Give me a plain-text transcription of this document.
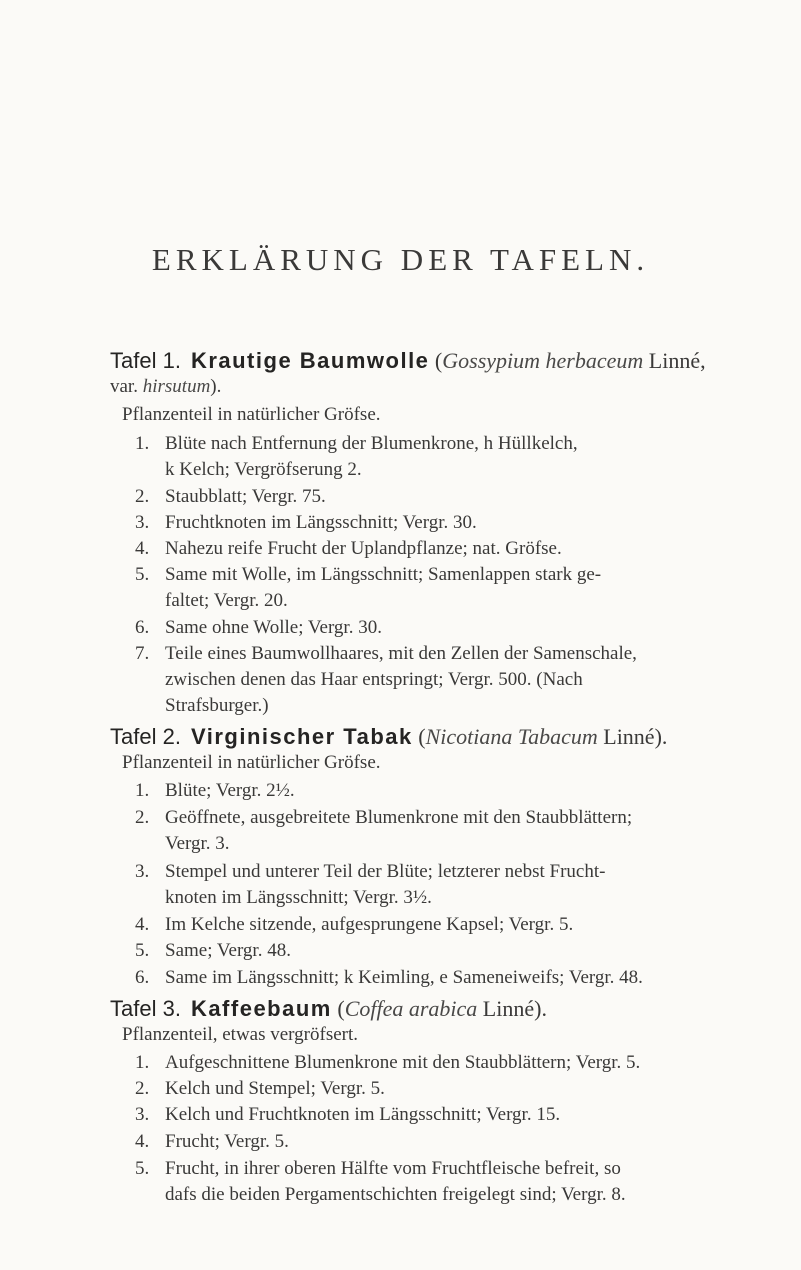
ERKLÄRUNG DER TAFELN.
Tafel 1. Krautige Baumwolle (Gossypium herbaceum Linné,
var. hirsutum).
Pflanzenteil in natürlicher Gröfse.
1. Blüte nach Entfernung der Blumenkrone, h Hüllkelch,
k Kelch; Vergröfserung 2.
2. Staubblatt; Vergr. 75.
3. Fruchtknoten im Längsschnitt; Vergr. 30.
4. Nahezu reife Frucht der Uplandpflanze; nat. Gröfse.
5. Same mit Wolle, im Längsschnitt; Samenlappen stark ge-
faltet; Vergr. 20.
6. Same ohne Wolle; Vergr. 30.
7. Teile eines Baumwollhaares, mit den Zellen der Samenschale,
zwischen denen das Haar entspringt; Vergr. 500. (Nach
Strafsburger.)
Tafel 2. Virginischer Tabak (Nicotiana Tabacum Linné).
Pflanzenteil in natürlicher Gröfse.
1. Blüte; Vergr. 2½.
2. Geöffnete, ausgebreitete Blumenkrone mit den Staubblättern;
Vergr. 3.
3. Stempel und unterer Teil der Blüte; letzterer nebst Frucht-
knoten im Längsschnitt; Vergr. 3½.
4. Im Kelche sitzende, aufgesprungene Kapsel; Vergr. 5.
5. Same; Vergr. 48.
6. Same im Längsschnitt; k Keimling, e Sameneiweifs; Vergr. 48.
Tafel 3. Kaffeebaum (Coffea arabica Linné).
Pflanzenteil, etwas vergröfsert.
1. Aufgeschnittene Blumenkrone mit den Staubblättern; Vergr. 5.
2. Kelch und Stempel; Vergr. 5.
3. Kelch und Fruchtknoten im Längsschnitt; Vergr. 15.
4. Frucht; Vergr. 5.
5. Frucht, in ihrer oberen Hälfte vom Fruchtfleische befreit, so
dafs die beiden Pergamentschichten freigelegt sind; Vergr. 8.
